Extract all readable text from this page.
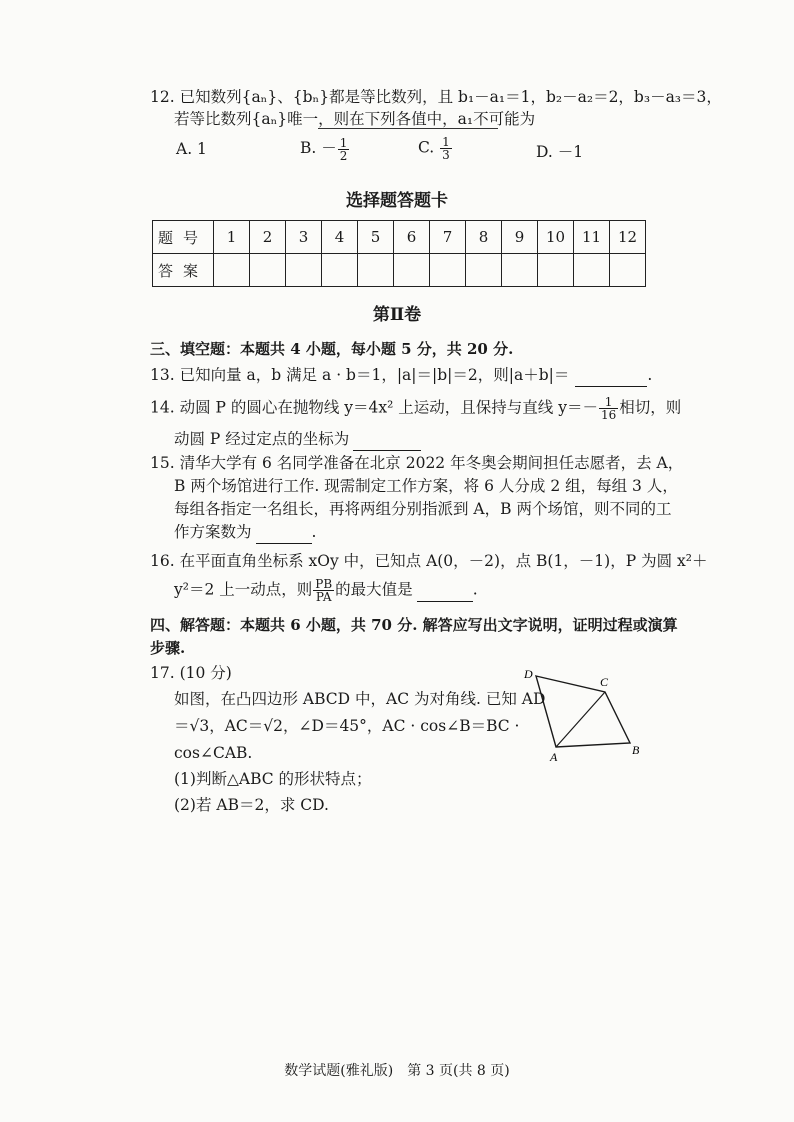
12. 已知数列{aₙ}、{bₙ}都是等比数列，且 b₁－a₁＝1，b₂－a₂＝2，b₃－a₃＝3，
若等比数列{aₙ}唯一，则在下列各值中，a₁不可能为
A. 1	B. － $\frac{1}{2}$	C. $\frac{1}{3}$	D. －1
选择题答题卡
题号	1	2	3	4	5	6	7	8	9	10	11	12
答案												
第Ⅱ卷
三、填空题：本题共 4 小题，每小题 5 分，共 20 分.
13. 已知向量 a，b 满足 a · b＝1，|a|＝|b|＝2，则|a＋b|＝	.
14. 动圆 P 的圆心在抛物线 y＝4x² 上运动，且保持与直线 $y=- \frac{1}{16}$ 相切，则
动圆 P 经过定点的坐标为
15. 清华大学有 6 名同学准备在北京 2022 年冬奥会期间担任志愿者，去 A，
B 两个场馆进行工作. 现需制定工作方案，将 6 人分成 2 组，每组 3 人，
每组各指定一名组长，再将两组分别指派到 A，B 两个场馆，则不同的工
作方案数为	.
16. 在平面直角坐标系 xOy 中，已知点 A(0，－2)，点 B(1，－1)，P 为圆 x²＋
y²＝2 上一动点，则 $\frac{PB}{PA}$ 的最大值是	.
四、解答题：本题共 6 小题，共 70 分. 解答应写出文字说明，证明过程或演算
步骤.
17. (10 分)
如图，在凸四边形 ABCD 中，AC 为对角线. 已知 AD
＝√3，AC＝√2，∠D＝45°，AC · cos∠B＝BC ·
cos∠CAB.
(1)判断△ABC 的形状特点；
(2)若 AB＝2，求 CD.
D
C
B
A
数学试题(雅礼版)　第 3 页(共 8 页)
